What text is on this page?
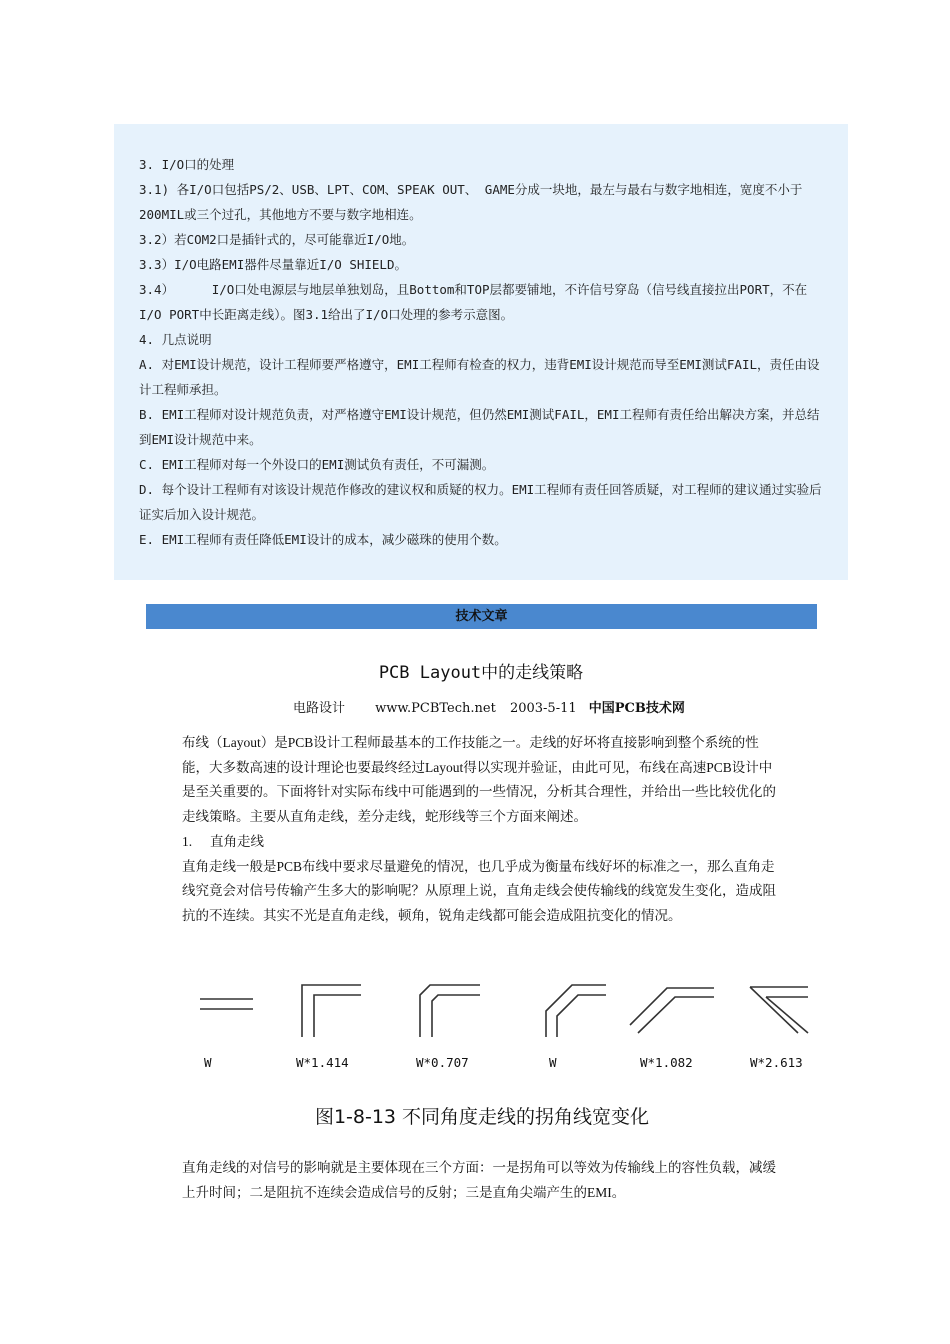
3. I/O口的处理

3.1) 各I/O口包括PS/2、USB、LPT、COM、SPEAK OUT、 GAME分成一块地，最左与最右与数字地相连，宽度不小于200MIL或三个过孔，其他地方不要与数字地相连。

3.2）若COM2口是插针式的，尽可能靠近I/O地。

3.3）I/O电路EMI器件尽量靠近I/O SHIELD。

3.4）     I/O口处电源层与地层单独划岛，且Bottom和TOP层都要铺地，不许信号穿岛（信号线直接拉出PORT，不在I/O PORT中长距离走线）。图3.1给出了I/O口处理的参考示意图。

4. 几点说明

A. 对EMI设计规范，设计工程师要严格遵守，EMI工程师有检查的权力，违背EMI设计规范而导至EMI测试FAIL，责任由设计工程师承担。

B. EMI工程师对设计规范负责，对严格遵守EMI设计规范，但仍然EMI测试FAIL，EMI工程师有责任给出解决方案，并总结到EMI设计规范中来。

C. EMI工程师对每一个外设口的EMI测试负有责任，不可漏测。

D. 每个设计工程师有对该设计规范作修改的建议权和质疑的权力。EMI工程师有责任回答质疑，对工程师的建议通过实验后证实后加入设计规范。

E. EMI工程师有责任降低EMI设计的成本，减少磁珠的使用个数。

技术文章
PCB Layout中的走线策略
电路设计 www.PCBTech.net 2003-5-11 中国PCB技术网

布线（Layout）是PCB设计工程师最基本的工作技能之一。走线的好坏将直接影响到整个系统的性能，大多数高速的设计理论也要最终经过Layout得以实现并验证，由此可见，布线在高速PCB设计中是至关重要的。下面将针对实际布线中可能遇到的一些情况，分析其合理性，并给出一些比较优化的走线策略。主要从直角走线，差分走线，蛇形线等三个方面来阐述。

1. 直角走线

直角走线一般是PCB布线中要求尽量避免的情况，也几乎成为衡量布线好坏的标准之一，那么直角走线究竟会对信号传输产生多大的影响呢？从原理上说，直角走线会使传输线的线宽发生变化，造成阻抗的不连续。其实不光是直角走线，顿角，锐角走线都可能会造成阻抗变化的情况。

W	W*1.414	W*0.707	W	W*1.082	W*2.613
图1-8-13 不同角度走线的拐角线宽变化

直角走线的对信号的影响就是主要体现在三个方面：一是拐角可以等效为传输线上的容性负载，减缓上升时间；二是阻抗不连续会造成信号的反射；三是直角尖端产生的EMI。
